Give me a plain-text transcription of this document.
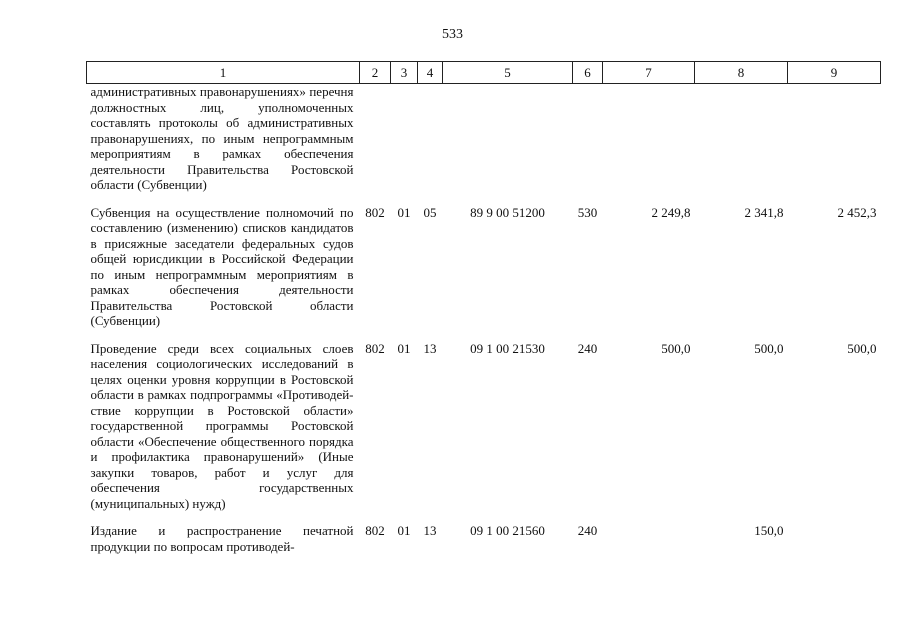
533
1	2	3	4	5	6	7	8	9
административных правонарушениях» перечня должностных лиц, уполномоченных составлять протоколы об административных правонарушениях, по иным непрограммным мероприятиям в рамках обеспечения деятельности Правительства Ростовской области (Субвенции)								
Субвенция на осуществление полномочий по составлению (изменению) списков кандидатов в присяжные заседатели федеральных судов общей юрисдикции в Российской Федерации по иным непрограммным мероприятиям в рамках обеспечения деятельности Правительства Ростовской области (Субвенции)	802	01	05	89 9 00 51200	530	2 249,8	2 341,8	2 452,3
Проведение среди всех социальных слоев населения социологических исследований в целях оценки уровня коррупции в Ростовской области в рамках подпрограммы «Противодей-ствие коррупции в Ростовской области» государственной программы Ростовской области «Обеспечение общественного порядка и профилактика правонарушений» (Иные закупки товаров, работ и услуг для обеспечения государственных (муниципальных) нужд)	802	01	13	09 1 00 21530	240	500,0	500,0	500,0
Издание и распространение печатной продукции по вопросам противодей-	802	01	13	09 1 00 21560	240		150,0	
